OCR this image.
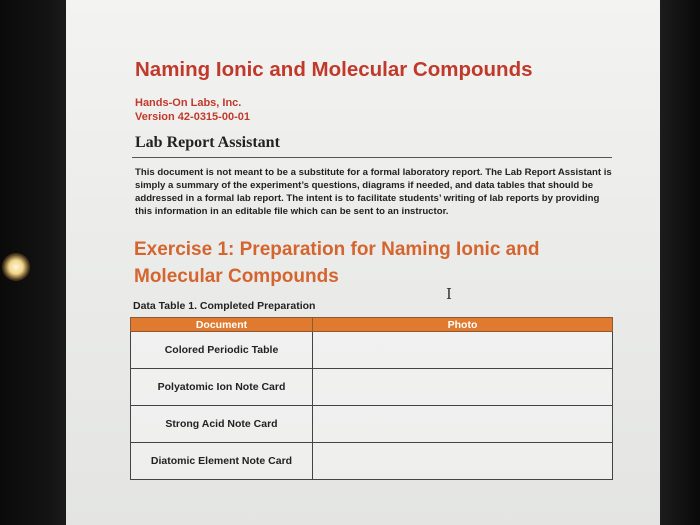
Naming Ionic and Molecular Compounds
Hands-On Labs, Inc.
Version 42-0315-00-01
Lab Report Assistant
This document is not meant to be a substitute for a formal laboratory report. The Lab Report Assistant is simply a summary of the experiment’s questions, diagrams if needed, and data tables that should be addressed in a formal lab report. The intent is to facilitate students’ writing of lab reports by providing this information in an editable file which can be sent to an instructor.
Exercise 1: Preparation for Naming Ionic and Molecular Compounds
I
Data Table 1. Completed Preparation
Document	Photo
Colored Periodic Table	
Polyatomic Ion Note Card	
Strong Acid Note Card	
Diatomic Element Note Card	
